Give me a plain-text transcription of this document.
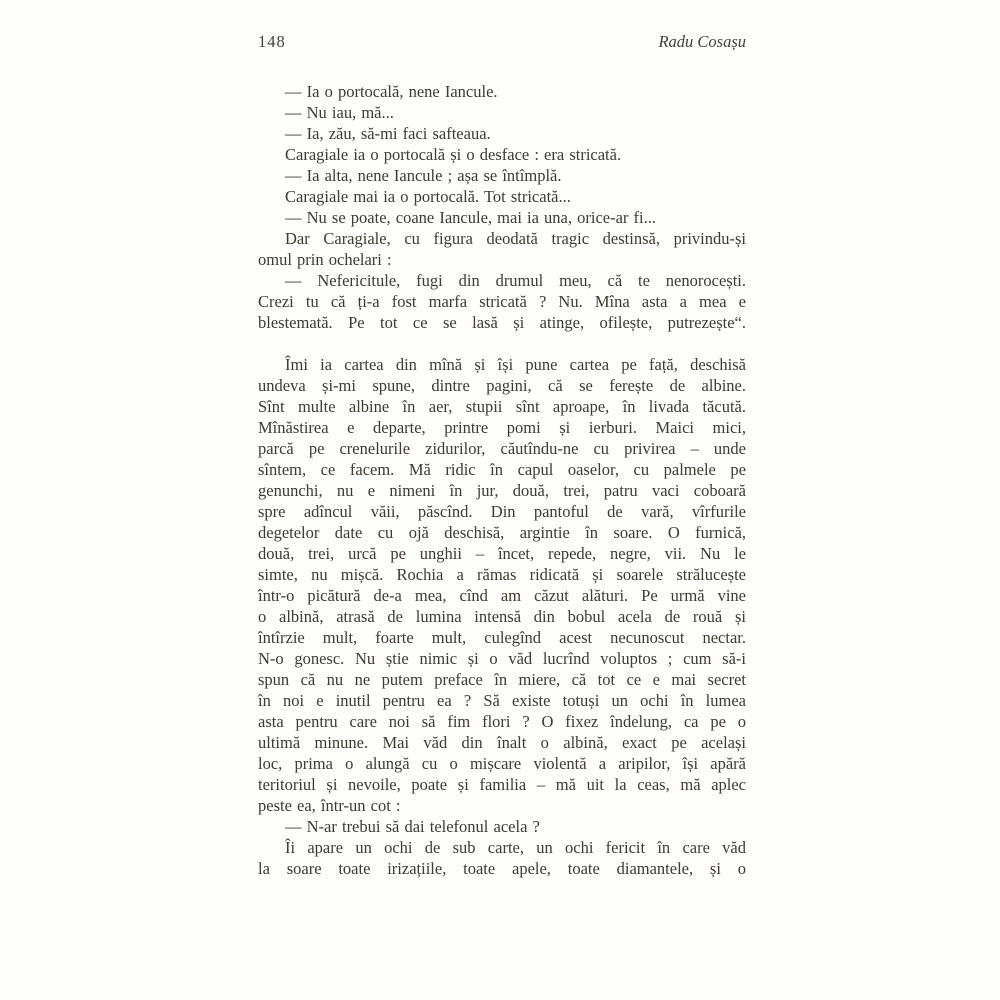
148	Radu Cosașu
— Ia o portocală, nene Iancule.
— Nu iau, mă...
— Ia, zău, să-mi faci safteaua.
Caragiale ia o portocală și o desface : era stricată.
— Ia alta, nene Iancule ; așa se întîmplă.
Caragiale mai ia o portocală. Tot stricată...
— Nu se poate, coane Iancule, mai ia una, orice-ar fi...
Dar Caragiale, cu figura deodată tragic destinsă, privindu-și
omul prin ochelari :
— Nefericitule, fugi din drumul meu, că te nenorocești.
Crezi tu că ți-a fost marfa stricată ? Nu. Mîna asta a mea e
blestemată. Pe tot ce se lasă și atinge, ofilește, putrezește“.
Îmi ia cartea din mînă și își pune cartea pe față, deschisă
undeva și-mi spune, dintre pagini, că se ferește de albine.
Sînt multe albine în aer, stupii sînt aproape, în livada tăcută.
Mînăstirea e departe, printre pomi și ierburi. Maici mici,
parcă pe crenelurile zidurilor, căutîndu-ne cu privirea – unde
sîntem, ce facem. Mă ridic în capul oaselor, cu palmele pe
genunchi, nu e nimeni în jur, două, trei, patru vaci coboară
spre adîncul văii, păscînd. Din pantoful de vară, vîrfurile
degetelor date cu ojă deschisă, argintie în soare. O furnică,
două, trei, urcă pe unghii – încet, repede, negre, vii. Nu le
simte, nu mișcă. Rochia a rămas ridicată și soarele strălucește
într-o picătură de-a mea, cînd am căzut alături. Pe urmă vine
o albină, atrasă de lumina intensă din bobul acela de rouă și
întîrzie mult, foarte mult, culegînd acest necunoscut nectar.
N-o gonesc. Nu știe nimic și o văd lucrînd voluptos ; cum să-i
spun că nu ne putem preface în miere, că tot ce e mai secret
în noi e inutil pentru ea ? Să existe totuși un ochi în lumea
asta pentru care noi să fim flori ? O fixez îndelung, ca pe o
ultimă minune. Mai văd din înalt o albină, exact pe același
loc, prima o alungă cu o mișcare violentă a aripilor, își apără
teritoriul și nevoile, poate și familia – mă uit la ceas, mă aplec
peste ea, într-un cot :
— N-ar trebui să dai telefonul acela ?
Îi apare un ochi de sub carte, un ochi fericit în care văd
la soare toate irizațiile, toate apele, toate diamantele, și o
